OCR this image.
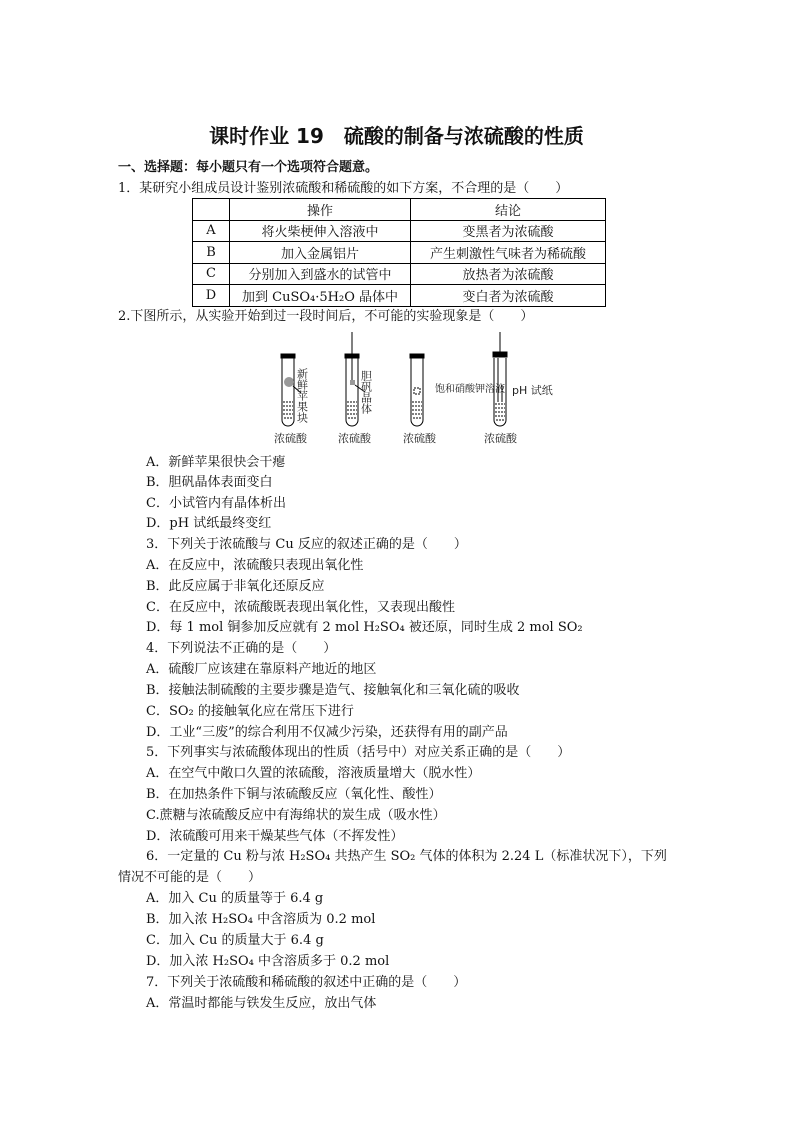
课时作业 19　硫酸的制备与浓硫酸的性质
一、选择题：每小题只有一个选项符合题意。
1．某研究小组成员设计鉴别浓硫酸和稀硫酸的如下方案，不合理的是（　　）
	操作	结论
A	将火柴梗伸入溶液中	变黑者为浓硫酸
B	加入金属铝片	产生刺激性气味者为稀硫酸
C	分别加入到盛水的试管中	放热者为浓硫酸
D	加到 CuSO₄·5H₂O 晶体中	变白者为浓硫酸
2.下图所示，从实验开始到过一段时间后，不可能的实验现象是（　　）
新鲜苹果块	胆矾晶体	饱和硝酸钾溶液 pH 试纸
浓硫酸	浓硫酸	浓硫酸	浓硫酸
A．新鲜苹果很快会干瘪
B．胆矾晶体表面变白
C．小试管内有晶体析出
D．pH 试纸最终变红
3．下列关于浓硫酸与 Cu 反应的叙述正确的是（　　）
A．在反应中，浓硫酸只表现出氧化性
B．此反应属于非氧化还原反应
C．在反应中，浓硫酸既表现出氧化性，又表现出酸性
D．每 1 mol 铜参加反应就有 2 mol H₂SO₄ 被还原，同时生成 2 mol SO₂
4．下列说法不正确的是（　　）
A．硫酸厂应该建在靠原料产地近的地区
B．接触法制硫酸的主要步骤是造气、接触氧化和三氧化硫的吸收
C．SO₂ 的接触氧化应在常压下进行
D．工业“三废”的综合利用不仅减少污染，还获得有用的副产品
5．下列事实与浓硫酸体现出的性质（括号中）对应关系正确的是（　　）
A．在空气中敞口久置的浓硫酸，溶液质量增大（脱水性）
B．在加热条件下铜与浓硫酸反应（氧化性、酸性）
C.蔗糖与浓硫酸反应中有海绵状的炭生成（吸水性）
D．浓硫酸可用来干燥某些气体（不挥发性）
6．一定量的 Cu 粉与浓 H₂SO₄ 共热产生 SO₂ 气体的体积为 2.24 L（标准状况下），下列
情况不可能的是（　　）
A．加入 Cu 的质量等于 6.4 g
B．加入浓 H₂SO₄ 中含溶质为 0.2 mol
C．加入 Cu 的质量大于 6.4 g
D．加入浓 H₂SO₄ 中含溶质多于 0.2 mol
7．下列关于浓硫酸和稀硫酸的叙述中正确的是（　　）
A．常温时都能与铁发生反应，放出气体
